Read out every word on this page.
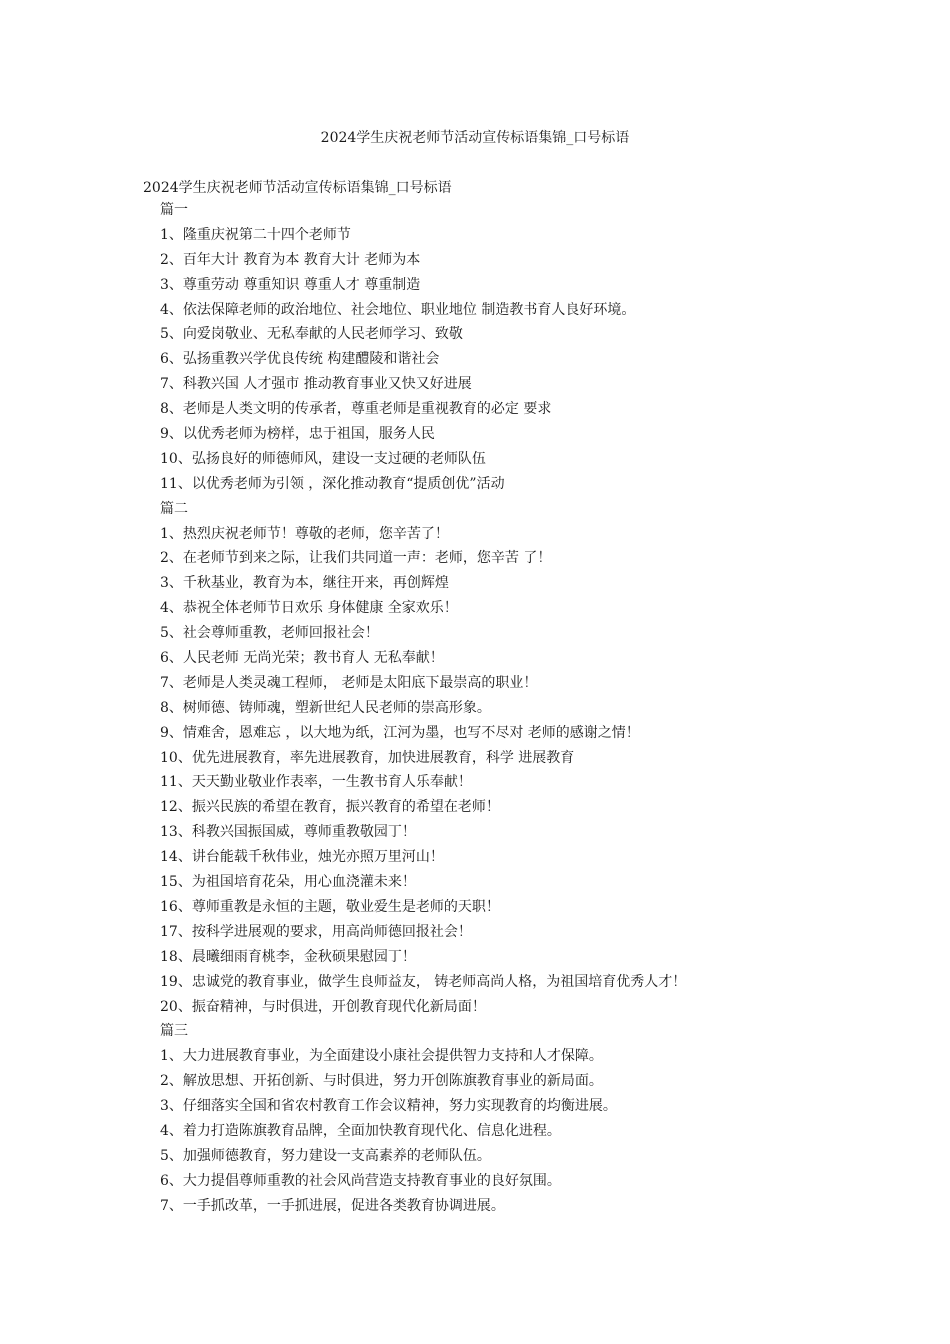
2024学生庆祝老师节活动宣传标语集锦_口号标语
2024学生庆祝老师节活动宣传标语集锦_口号标语
篇一
1、隆重庆祝第二十四个老师节
2、百年大计 教育为本 教育大计 老师为本
3、尊重劳动 尊重知识 尊重人才 尊重制造
4、依法保障老师的政治地位、社会地位、职业地位 制造教书育人良好环境。
5、向爱岗敬业、无私奉献的人民老师学习、致敬
6、弘扬重教兴学优良传统 构建醴陵和谐社会
7、科教兴国 人才强市 推动教育事业又快又好进展
8、老师是人类文明的传承者，尊重老师是重视教育的必定 要求
9、以优秀老师为榜样，忠于祖国，服务人民
10、弘扬良好的师德师风，建设一支过硬的老师队伍
11、以优秀老师为引领 ，深化推动教育“提质创优”活动
篇二
1、热烈庆祝老师节！尊敬的老师，您辛苦了！
2、在老师节到来之际，让我们共同道一声：老师，您辛苦 了！
3、千秋基业，教育为本，继往开来，再创辉煌
4、恭祝全体老师节日欢乐 身体健康 全家欢乐！
5、社会尊师重教，老师回报社会！
6、人民老师 无尚光荣；教书育人 无私奉献！
7、老师是人类灵魂工程师， 老师是太阳底下最崇高的职业！
8、树师德、铸师魂，塑新世纪人民老师的崇高形象。
9、情难舍，恩难忘 ，以大地为纸，江河为墨，也写不尽对 老师的感谢之情！
10、优先进展教育，率先进展教育，加快进展教育，科学 进展教育
11、天天勤业敬业作表率，一生教书育人乐奉献！
12、振兴民族的希望在教育，振兴教育的希望在老师！
13、科教兴国振国威，尊师重教敬园丁！
14、讲台能载千秋伟业，烛光亦照万里河山！
15、为祖国培育花朵，用心血浇灌未来！
16、尊师重教是永恒的主题，敬业爱生是老师的天职！
17、按科学进展观的要求，用高尚师德回报社会！
18、晨曦细雨育桃李，金秋硕果慰园丁！
19、忠诚党的教育事业，做学生良师益友， 铸老师高尚人格，为祖国培育优秀人才！
20、振奋精神，与时俱进，开创教育现代化新局面！
篇三
1、大力进展教育事业，为全面建设小康社会提供智力支持和人才保障。
2、解放思想、开拓创新、与时俱进，努力开创陈旗教育事业的新局面。
3、仔细落实全国和省农村教育工作会议精神，努力实现教育的均衡进展。
4、着力打造陈旗教育品牌，全面加快教育现代化、信息化进程。
5、加强师德教育，努力建设一支高素养的老师队伍。
6、大力提倡尊师重教的社会风尚营造支持教育事业的良好氛围。
7、一手抓改革，一手抓进展，促进各类教育协调进展。
